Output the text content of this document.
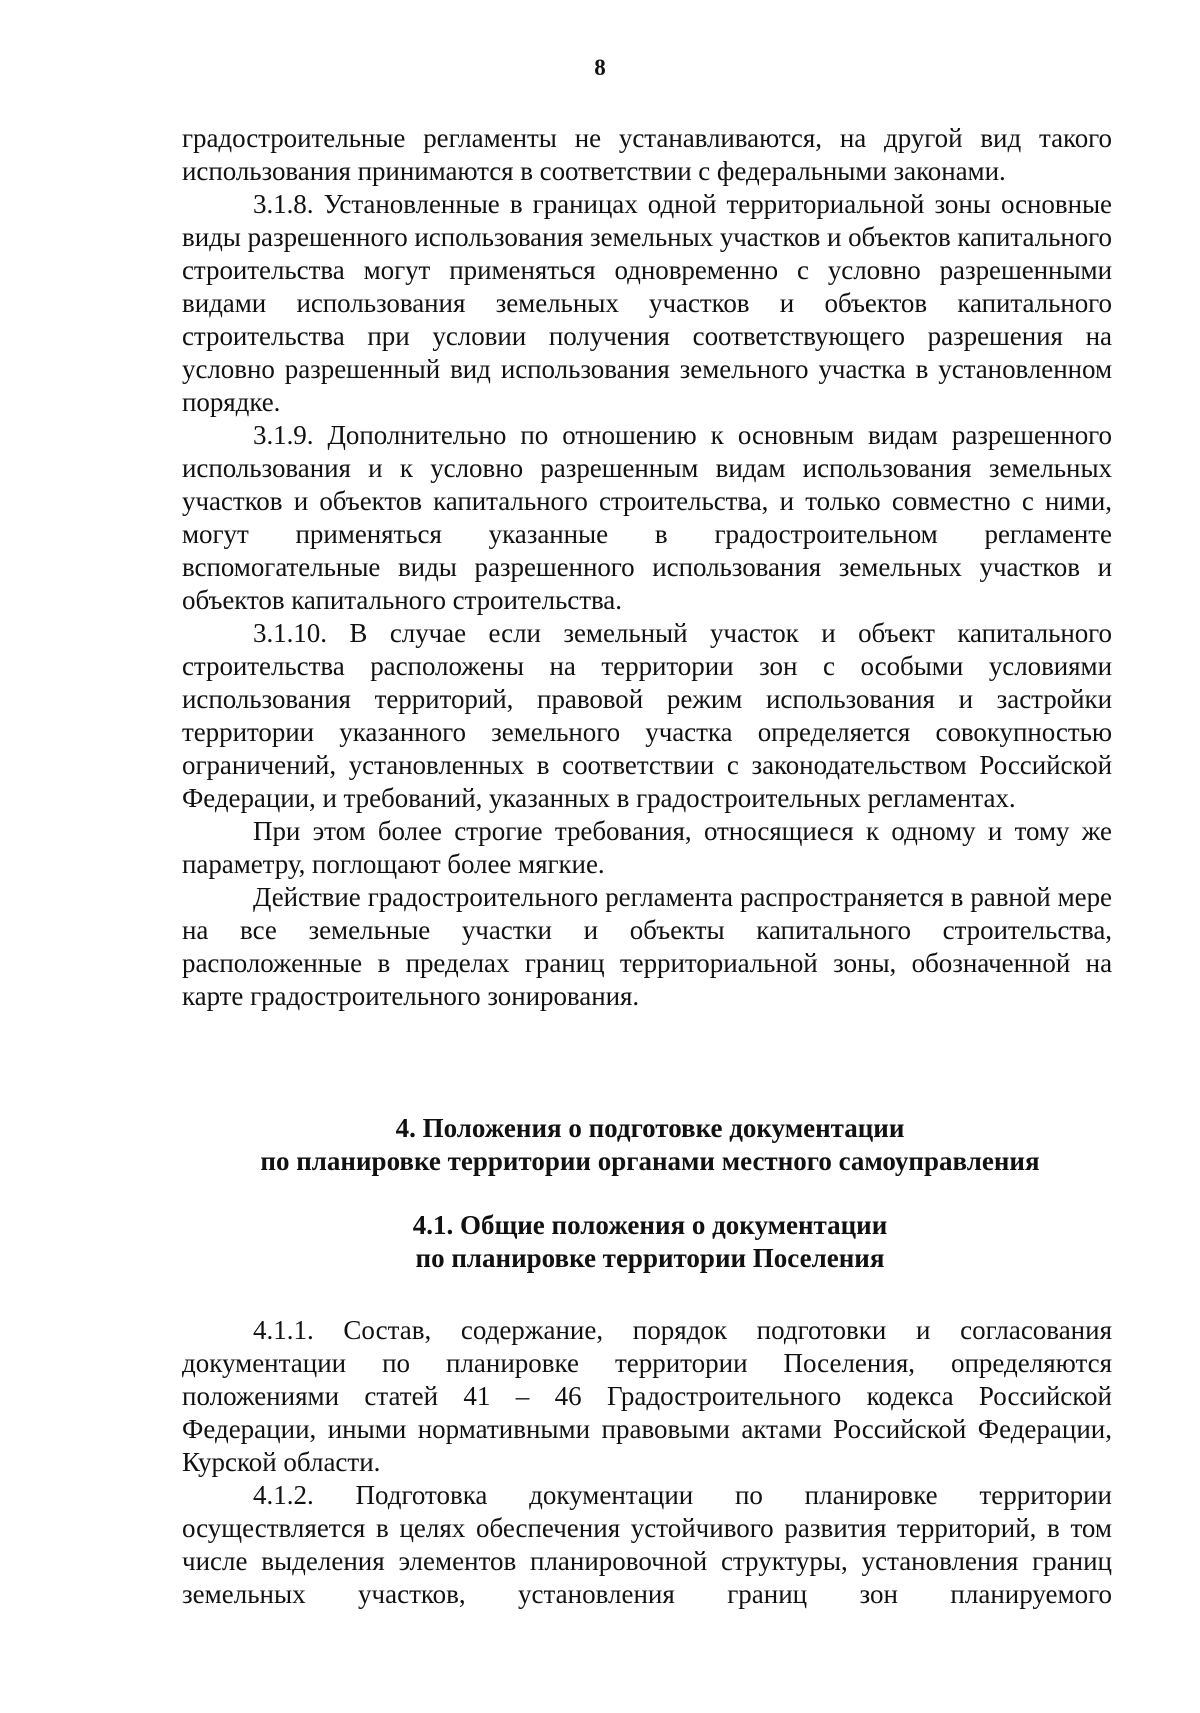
8

градостроительные регламенты не устанавливаются, на другой вид такого использования принимаются в соответствии с федеральными законами.

3.1.8. Установленные в границах одной территориальной зоны основные виды разрешенного использования земельных участков и объектов капитального строительства могут применяться одновременно с условно разрешенными видами использования земельных участков и объектов капитального строительства при условии получения соответствующего разрешения на условно разрешенный вид использования земельного участка в установленном порядке.

3.1.9. Дополнительно по отношению к основным видам разрешенного использования и к условно разрешенным видам использования земельных участков и объектов капитального строительства, и только совместно с ними, могут применяться указанные в градостроительном регламенте вспомогательные виды разрешенного использования земельных участков и объектов капитального строительства.

3.1.10. В случае если земельный участок и объект капитального строительства расположены на территории зон с особыми условиями использования территорий, правовой режим использования и застройки территории указанного земельного участка определяется совокупностью ограничений, установленных в соответствии с законодательством Российской Федерации, и требований, указанных в градостроительных регламентах.

При этом более строгие требования, относящиеся к одному и тому же параметру, поглощают более мягкие.

Действие градостроительного регламента распространяется в равной мере на все земельные участки и объекты капитального строительства, расположенные в пределах границ территориальной зоны, обозначенной на карте градостроительного зонирования.

4. Положения о подготовке документации
по планировке территории органами местного самоуправления
4.1. Общие положения о документации
по планировке территории Поселения

4.1.1. Состав, содержание, порядок подготовки и согласования документации по планировке территории Поселения, определяются положениями статей 41 – 46 Градостроительного кодекса Российской Федерации, иными нормативными правовыми актами Российской Федерации, Курской области.

4.1.2. Подготовка документации по планировке территории осуществляется в целях обеспечения устойчивого развития территорий, в том числе выделения элементов планировочной структуры, установления границ земельных участков, установления границ зон планируемого
